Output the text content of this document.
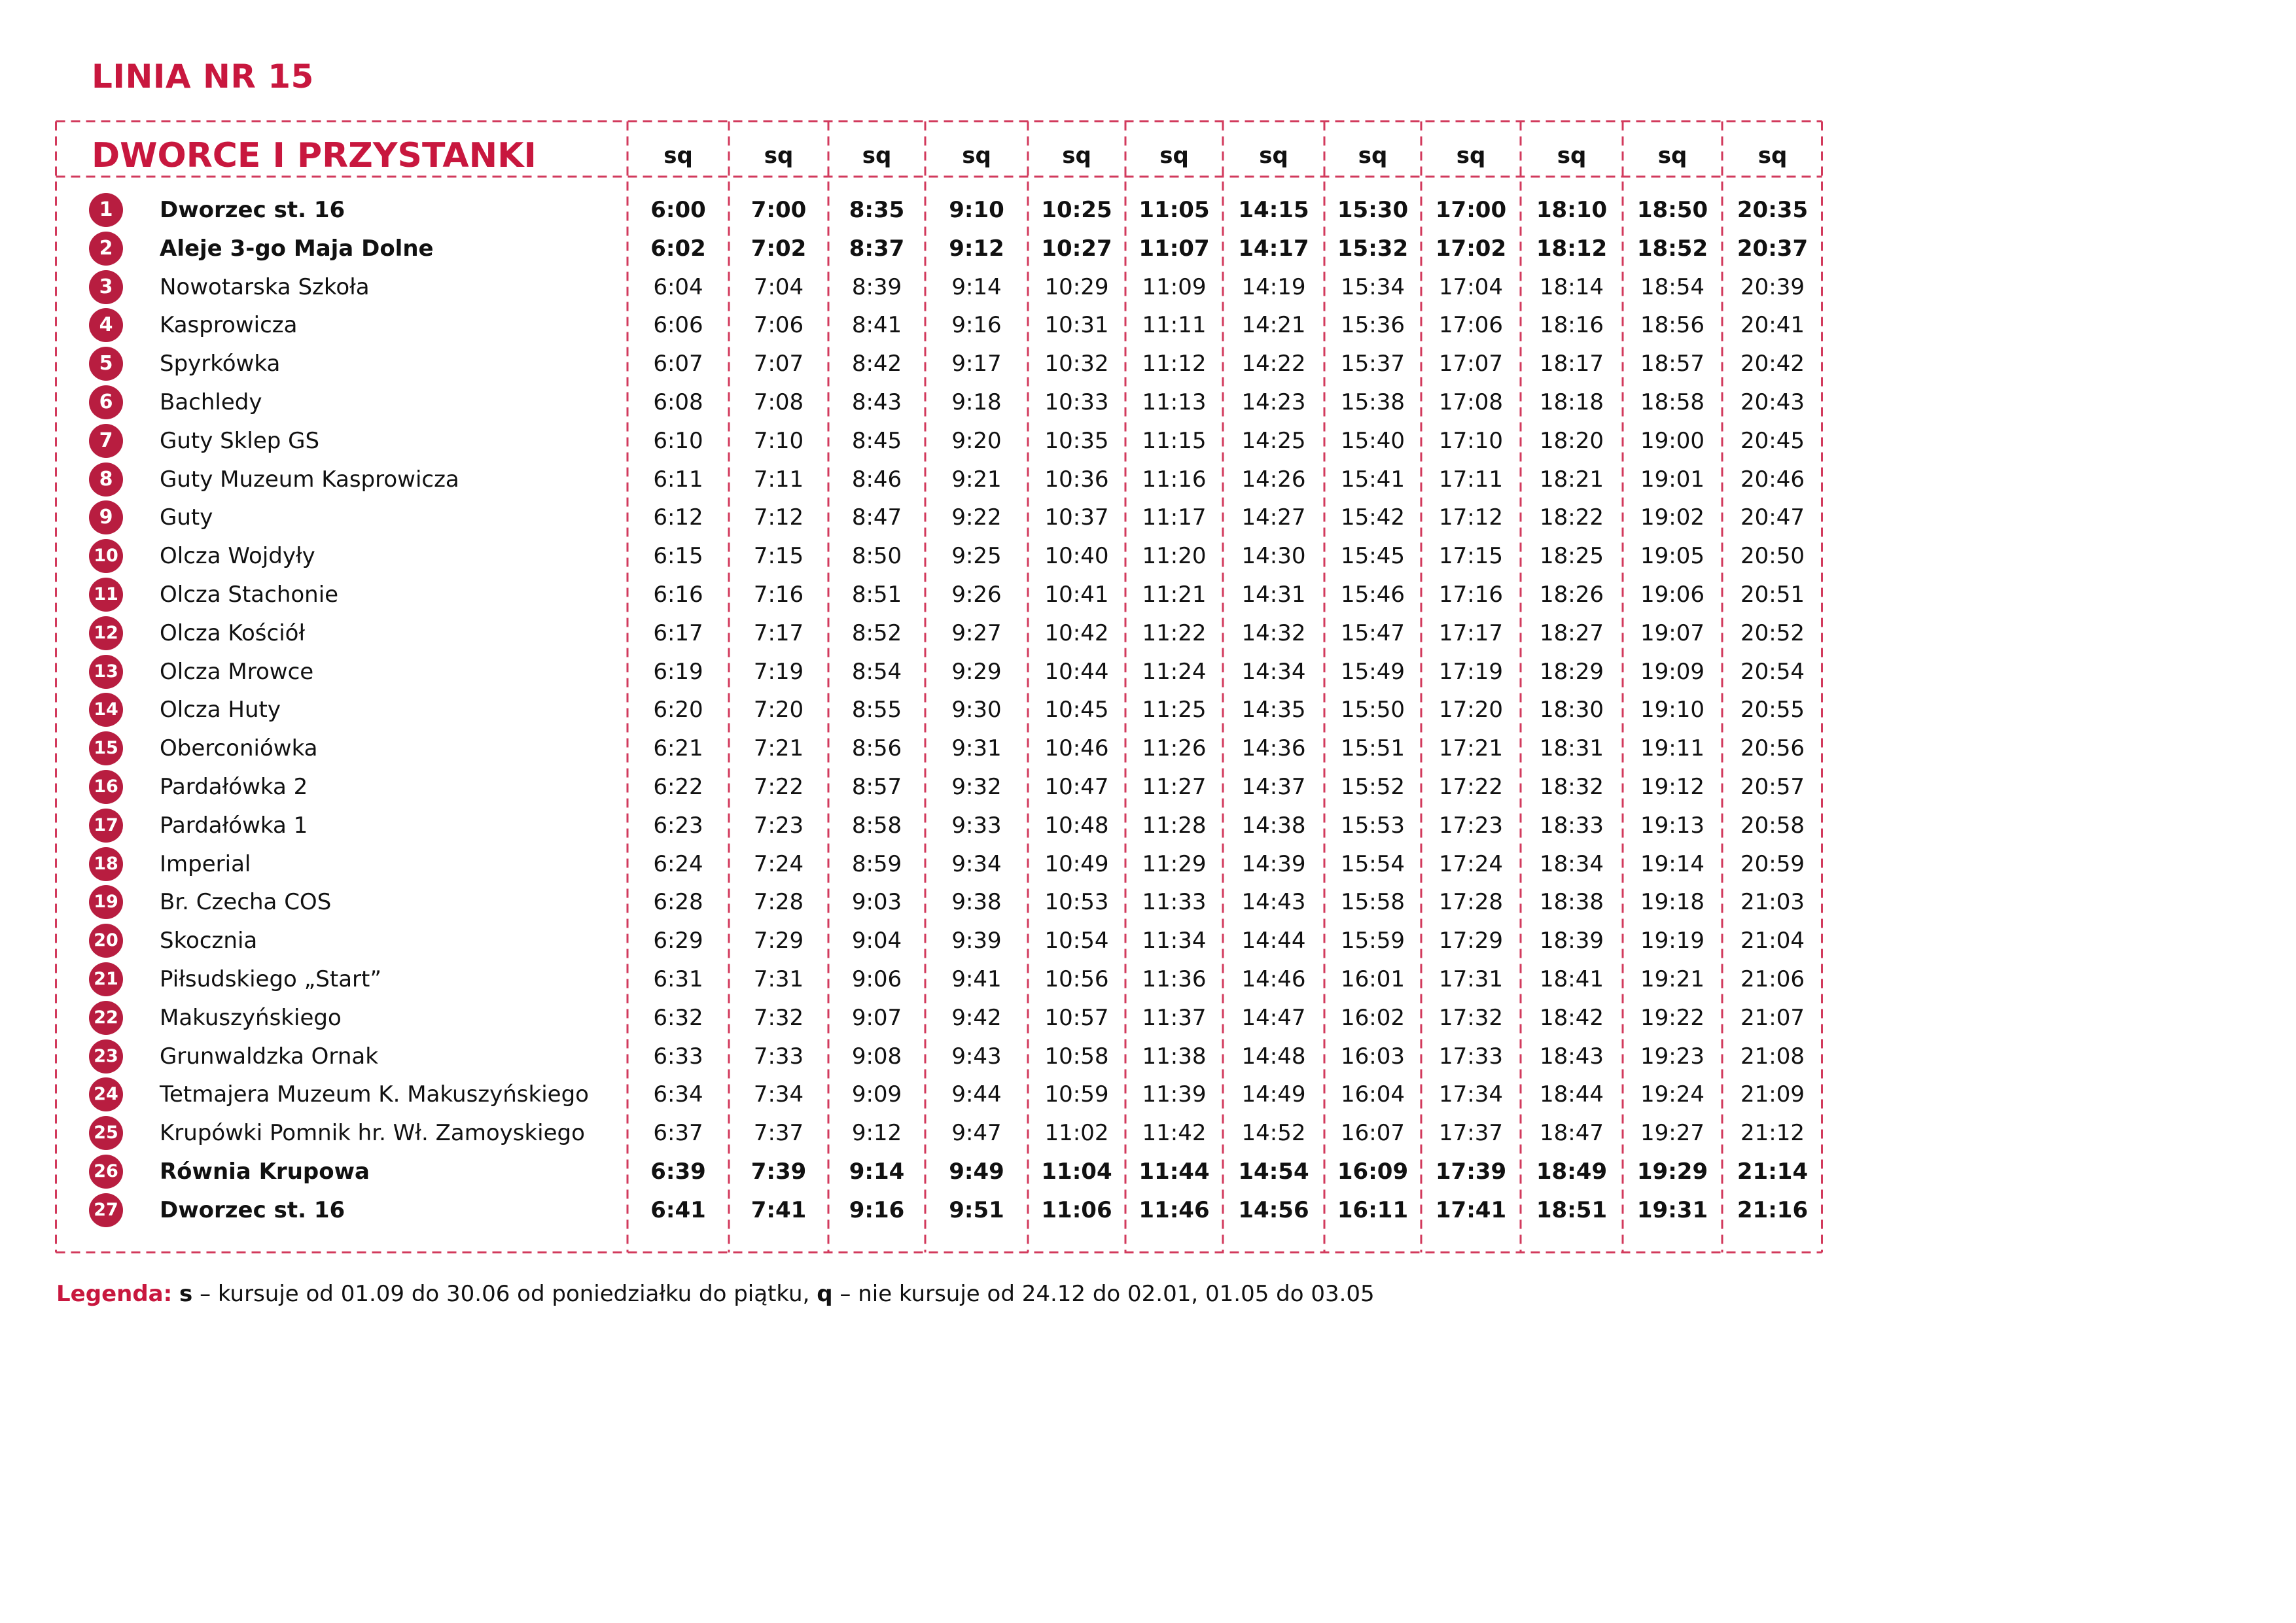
LINIA NR 15
DWORCE I PRZYSTANKI	sq	sq	sq	sq	sq	sq	sq	sq	sq	sq	sq	sq
1	Dworzec st. 16	6:00	7:00	8:35	9:10	10:25	11:05	14:15	15:30	17:00	18:10	18:50	20:35
2	Aleje 3-go Maja Dolne	6:02	7:02	8:37	9:12	10:27	11:07	14:17	15:32	17:02	18:12	18:52	20:37
3	Nowotarska Szkoła	6:04	7:04	8:39	9:14	10:29	11:09	14:19	15:34	17:04	18:14	18:54	20:39
4	Kasprowicza	6:06	7:06	8:41	9:16	10:31	11:11	14:21	15:36	17:06	18:16	18:56	20:41
5	Spyrkówka	6:07	7:07	8:42	9:17	10:32	11:12	14:22	15:37	17:07	18:17	18:57	20:42
6	Bachledy	6:08	7:08	8:43	9:18	10:33	11:13	14:23	15:38	17:08	18:18	18:58	20:43
7	Guty Sklep GS	6:10	7:10	8:45	9:20	10:35	11:15	14:25	15:40	17:10	18:20	19:00	20:45
8	Guty Muzeum Kasprowicza	6:11	7:11	8:46	9:21	10:36	11:16	14:26	15:41	17:11	18:21	19:01	20:46
9	Guty	6:12	7:12	8:47	9:22	10:37	11:17	14:27	15:42	17:12	18:22	19:02	20:47
10 Olcza Wojdyły	6:15	7:15	8:50	9:25	10:40	11:20	14:30	15:45	17:15	18:25	19:05	20:50
11 Olcza Stachonie	6:16	7:16	8:51	9:26	10:41	11:21	14:31	15:46	17:16	18:26	19:06	20:51
12 Olcza Kościół	6:17	7:17	8:52	9:27	10:42	11:22	14:32	15:47	17:17	18:27	19:07	20:52
13 Olcza Mrowce	6:19	7:19	8:54	9:29	10:44	11:24	14:34	15:49	17:19	18:29	19:09	20:54
14 Olcza Huty	6:20	7:20	8:55	9:30	10:45	11:25	14:35	15:50	17:20	18:30	19:10	20:55
15 Oberconiówka	6:21	7:21	8:56	9:31	10:46	11:26	14:36	15:51	17:21	18:31	19:11	20:56
16 Pardałówka 2	6:22	7:22	8:57	9:32	10:47	11:27	14:37	15:52	17:22	18:32	19:12	20:57
17 Pardałówka 1	6:23	7:23	8:58	9:33	10:48	11:28	14:38	15:53	17:23	18:33	19:13	20:58
18 Imperial	6:24	7:24	8:59	9:34	10:49	11:29	14:39	15:54	17:24	18:34	19:14	20:59
19 Br. Czecha COS	6:28	7:28	9:03	9:38	10:53	11:33	14:43	15:58	17:28	18:38	19:18	21:03
20 Skocznia	6:29	7:29	9:04	9:39	10:54	11:34	14:44	15:59	17:29	18:39	19:19	21:04
21 Piłsudskiego „Start”	6:31	7:31	9:06	9:41	10:56	11:36	14:46	16:01	17:31	18:41	19:21	21:06
22 Makuszyńskiego	6:32	7:32	9:07	9:42	10:57	11:37	14:47	16:02	17:32	18:42	19:22	21:07
23 Grunwaldzka Ornak	6:33	7:33	9:08	9:43	10:58	11:38	14:48	16:03	17:33	18:43	19:23	21:08
24 Tetmajera Muzeum K. Makuszyńskiego	6:34	7:34	9:09	9:44	10:59	11:39	14:49	16:04	17:34	18:44	19:24	21:09
25 Krupówki Pomnik hr. Wł. Zamoyskiego	6:37	7:37	9:12	9:47	11:02	11:42	14:52	16:07	17:37	18:47	19:27	21:12
26 Równia Krupowa	6:39	7:39	9:14	9:49	11:04	11:44	14:54	16:09	17:39	18:49	19:29	21:14
27 Dworzec st. 16	6:41	7:41	9:16	9:51	11:06	11:46	14:56	16:11	17:41	18:51	19:31	21:16
Legenda: s – kursuje od 01.09 do 30.06 od poniedziałku do piątku, q – nie kursuje od 24.12 do 02.01, 01.05 do 03.05
